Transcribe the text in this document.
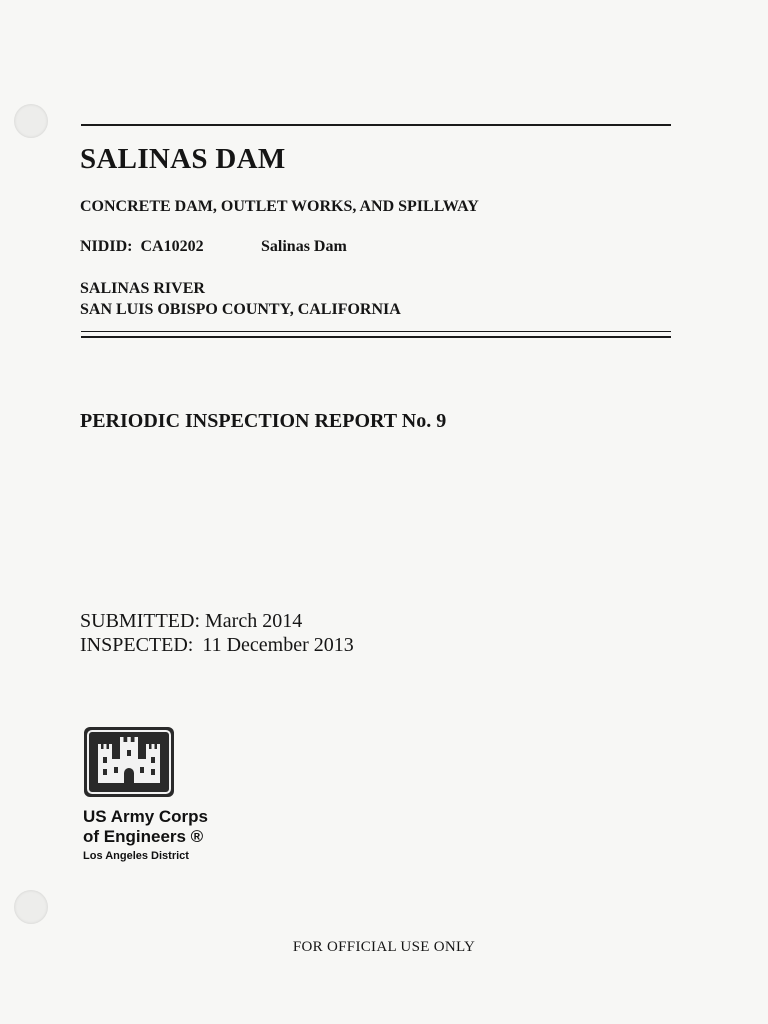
SALINAS DAM
CONCRETE DAM, OUTLET WORKS, AND SPILLWAY
NIDID: CA10202	Salinas Dam
SALINAS RIVER
SAN LUIS OBISPO COUNTY, CALIFORNIA
PERIODIC INSPECTION REPORT No. 9
SUBMITTED: March 2014
INSPECTED: 11 December 2013
US Army Corps
of Engineers ®
Los Angeles District
FOR OFFICIAL USE ONLY
